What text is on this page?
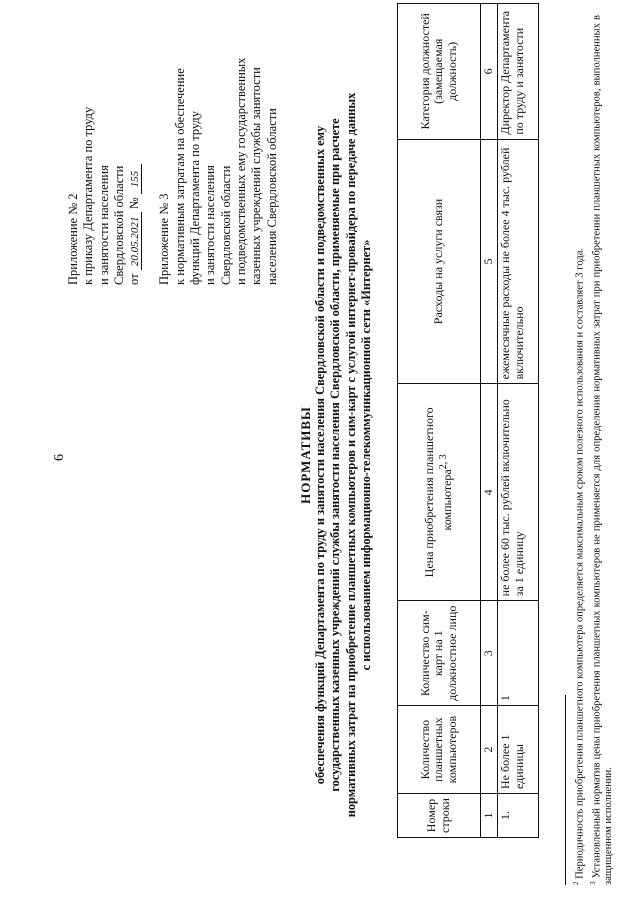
6
Приложение № 2 к приказу Департамента по труду и занятости населения Свердловской области от 20.05.2021 № 155
Приложение № 3 к нормативным затратам на обеспечение функций Департамента по труду и занятости населения Свердловской области и подведомственных ему государственных казенных учреждений службы занятости населения Свердловской области
НОРМАТИВЫ обеспечения функций Департамента по труду и занятости населения Свердловской области и подведомственных ему государственных казенных учреждений службы занятости населения Свердловской области, применяемые при расчете нормативных затрат на приобретение планшетных компьютеров и сим-карт с услугой интернет-провайдера по передаче данных с использованием информационно-телекоммуникационной сети «Интернет»
Номер строки	Количество планшетных компьютеров	Количество сим-карт на 1 должностное лицо	Цена приобретения планшетного компьютера$^{2, 3}$	Расходы на услуги связи	Категория должностей (замещаемая должность)
1	2	3	4	5	6
1.	Не более 1 единицы	1	не более 60 тыс. рублей включительно за 1 единицу	ежемесячные расходы не более 4 тыс. рублей включительно	Директор Департамента по труду и занятости

$^2$ Периодичность приобретения планшетного компьютера определяется максимальным сроком полезного использования и составляет 3 года.

$^3$ Установленный норматив цены приобретения планшетных компьютеров не применяется для определения нормативных затрат при приобретении планшетных компьютеров, выполненных в защищенном исполнении.
